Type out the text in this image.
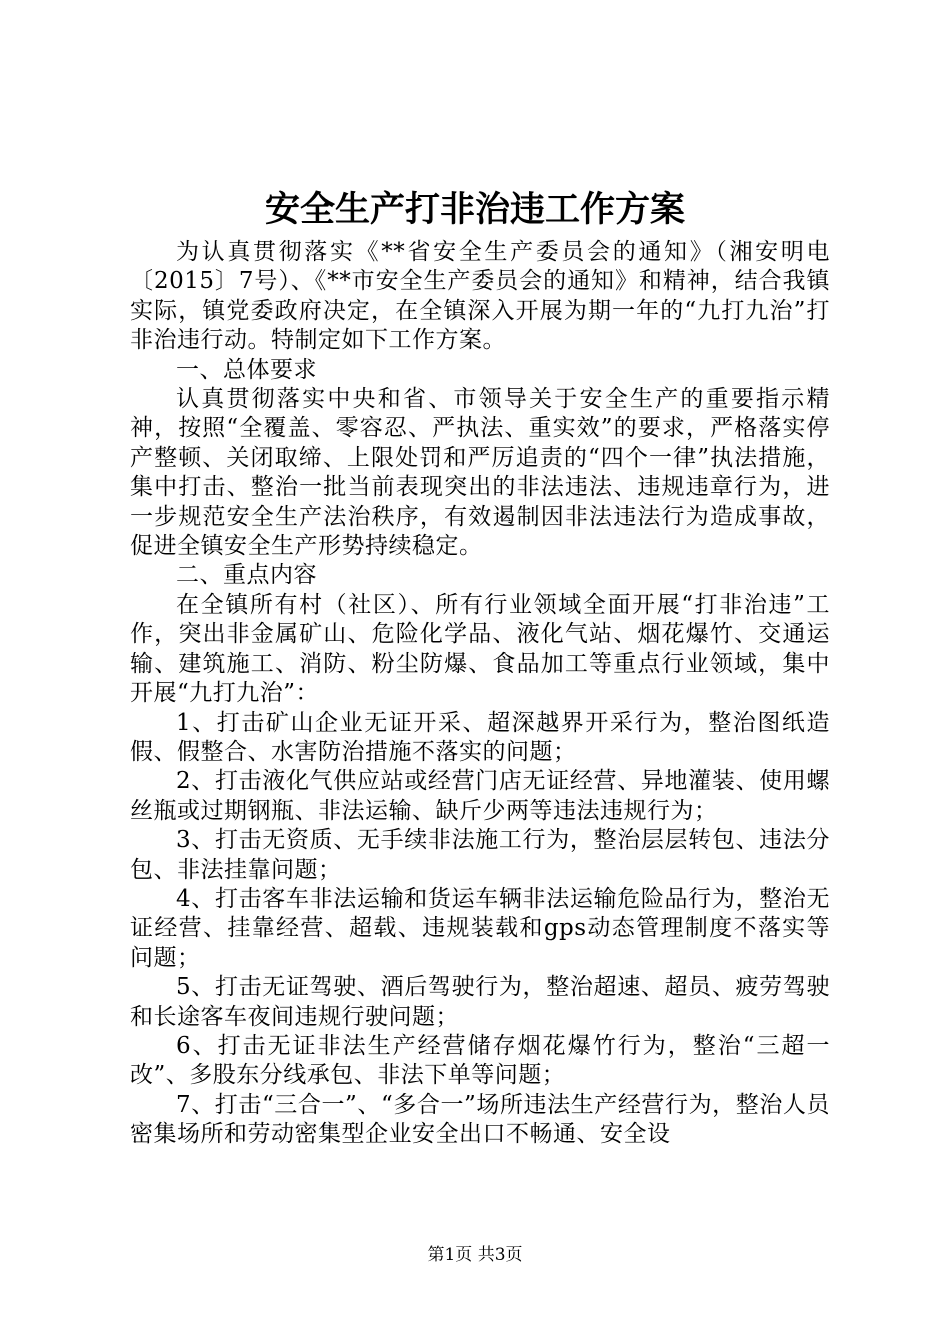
安全生产打非治违工作方案

为认真贯彻落实《**省安全生产委员会的通知》（湘安明电〔2015〕7号）、《**市安全生产委员会的通知》和精神，结合我镇实际，镇党委政府决定，在全镇深入开展为期一年的“九打九治”打非治违行动。特制定如下工作方案。

一、总体要求

认真贯彻落实中央和省、市领导关于安全生产的重要指示精神，按照“全覆盖、零容忍、严执法、重实效”的要求，严格落实停产整顿、关闭取缔、上限处罚和严厉追责的“四个一律”执法措施，集中打击、整治一批当前表现突出的非法违法、违规违章行为，进一步规范安全生产法治秩序，有效遏制因非法违法行为造成事故，促进全镇安全生产形势持续稳定。

二、重点内容

在全镇所有村（社区）、所有行业领域全面开展“打非治违”工作，突出非金属矿山、危险化学品、液化气站、烟花爆竹、交通运输、建筑施工、消防、粉尘防爆、食品加工等重点行业领域，集中开展“九打九治”：

1、打击矿山企业无证开采、超深越界开采行为，整治图纸造假、假整合、水害防治措施不落实的问题；

2、打击液化气供应站或经营门店无证经营、异地灌装、使用螺丝瓶或过期钢瓶、非法运输、缺斤少两等违法违规行为；

3、打击无资质、无手续非法施工行为，整治层层转包、违法分包、非法挂靠问题；

4、打击客车非法运输和货运车辆非法运输危险品行为，整治无证经营、挂靠经营、超载、违规装载和gps动态管理制度不落实等问题；

5、打击无证驾驶、酒后驾驶行为，整治超速、超员、疲劳驾驶和长途客车夜间违规行驶问题；

6、打击无证非法生产经营储存烟花爆竹行为，整治“三超一改”、多股东分线承包、非法下单等问题；

7、打击“三合一”、“多合一”场所违法生产经营行为，整治人员密集场所和劳动密集型企业安全出口不畅通、安全设

第1页 共3页
